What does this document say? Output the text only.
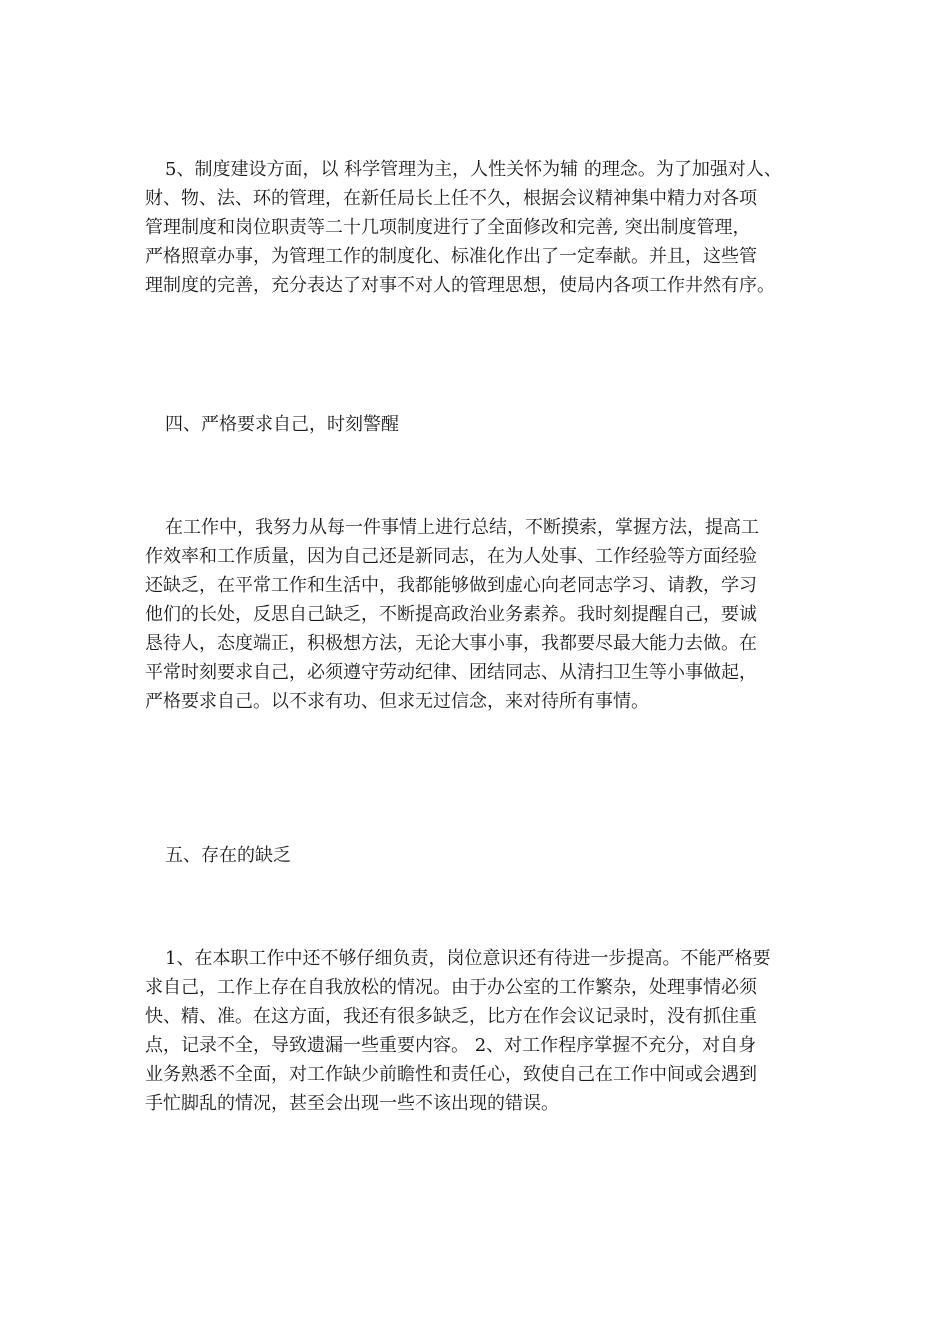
5、制度建设方面，以 科学管理为主，人性关怀为辅 的理念。为了加强对人、
财、物、法、环的管理，在新任局长上任不久，根据会议精神集中精力对各项
管理制度和岗位职责等二十几项制度进行了全面修改和完善, 突出制度管理，
严格照章办事，为管理工作的制度化、标准化作出了一定奉献。并且，这些管
理制度的完善，充分表达了对事不对人的管理思想，使局内各项工作井然有序。
四、严格要求自己，时刻警醒
在工作中，我努力从每一件事情上进行总结，不断摸索，掌握方法，提高工
作效率和工作质量，因为自己还是新同志，在为人处事、工作经验等方面经验
还缺乏，在平常工作和生活中，我都能够做到虚心向老同志学习、请教，学习
他们的长处，反思自己缺乏，不断提高政治业务素养。我时刻提醒自己，要诚
恳待人，态度端正，积极想方法，无论大事小事，我都要尽最大能力去做。在
平常时刻要求自己，必须遵守劳动纪律、团结同志、从清扫卫生等小事做起，
严格要求自己。以不求有功、但求无过信念，来对待所有事情。
五、存在的缺乏
1、在本职工作中还不够仔细负责，岗位意识还有待进一步提高。不能严格要
求自己，工作上存在自我放松的情况。由于办公室的工作繁杂，处理事情必须
快、精、准。在这方面，我还有很多缺乏，比方在作会议记录时，没有抓住重
点，记录不全，导致遗漏一些重要内容。 2、对工作程序掌握不充分，对自身
业务熟悉不全面，对工作缺少前瞻性和责任心，致使自己在工作中间或会遇到
手忙脚乱的情况，甚至会出现一些不该出现的错误。
